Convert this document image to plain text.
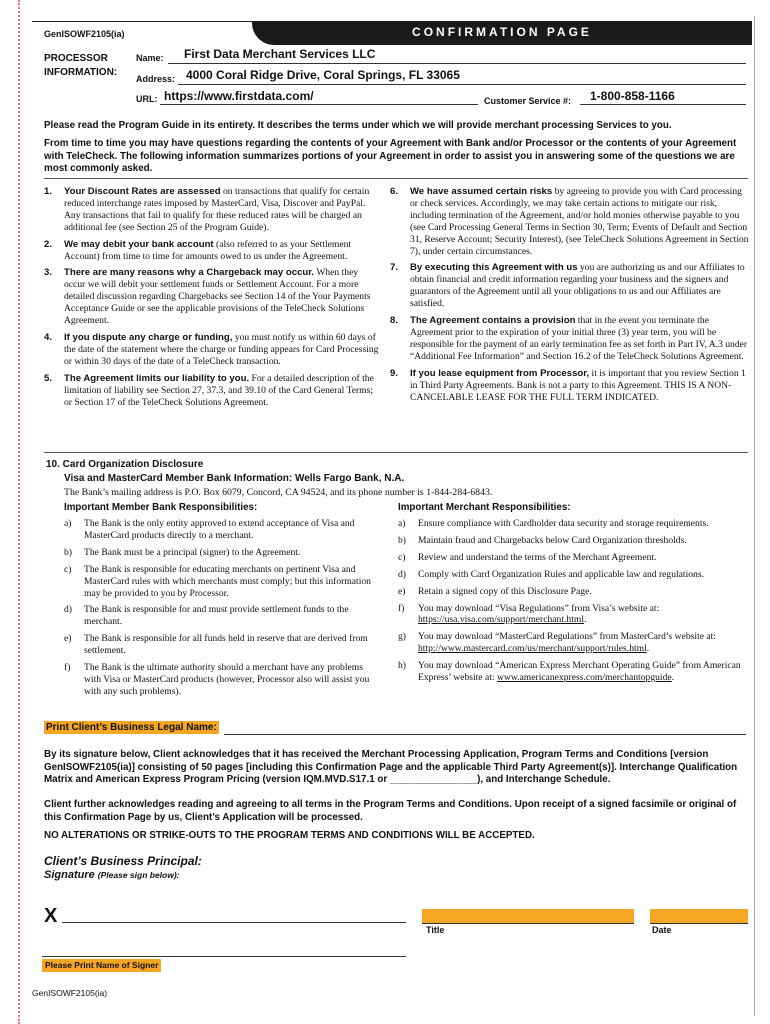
GenISOWF2105(ia)	CONFIRMATION PAGE
PROCESSOR
INFORMATION:
Name: First Data Merchant Services LLC
Address: 4000 Coral Ridge Drive, Coral Springs, FL 33065
URL: https://www.firstdata.com/	Customer Service #: 1-800-858-1166
Please read the Program Guide in its entirety. It describes the terms under which we will provide merchant processing Services to you.
From time to time you may have questions regarding the contents of your Agreement with Bank and/or Processor or the contents of your Agreement with TeleCheck. The following information summarizes portions of your Agreement in order to assist you in answering some of the questions we are most commonly asked.
1. Your Discount Rates are assessed on transactions that qualify for certain reduced interchange rates imposed by MasterCard, Visa, Discover and PayPal. Any transactions that fail to qualify for these reduced rates will be charged an additional fee (see Section 25 of the Program Guide).
2. We may debit your bank account (also referred to as your Settlement Account) from time to time for amounts owed to us under the Agreement.
3. There are many reasons why a Chargeback may occur. When they occur we will debit your settlement funds or Settlement Account. For a more detailed discussion regarding Chargebacks see Section 14 of the Your Payments Acceptance Guide or see the applicable provisions of the TeleCheck Solutions Agreement.
4. If you dispute any charge or funding, you must notify us within 60 days of the date of the statement where the charge or funding appears for Card Processing or within 30 days of the date of a TeleCheck transaction.
5. The Agreement limits our liability to you. For a detailed description of the limitation of liability see Section 27, 37.3, and 39.10 of the Card General Terms; or Section 17 of the TeleCheck Solutions Agreement.
6. We have assumed certain risks by agreeing to provide you with Card processing or check services. Accordingly, we may take certain actions to mitigate our risk, including termination of the Agreement, and/or hold monies otherwise payable to you (see Card Processing General Terms in Section 30, Term; Events of Default and Section 31, Reserve Account; Security Interest), (see TeleCheck Solutions Agreement in Section 7), under certain circumstances.
7. By executing this Agreement with us you are authorizing us and our Affiliates to obtain financial and credit information regarding your business and the signers and guarantors of the Agreement until all your obligations to us and our Affiliates are satisfied.
8. The Agreement contains a provision that in the event you terminate the Agreement prior to the expiration of your initial three (3) year term, you will be responsible for the payment of an early termination fee as set forth in Part IV, A.3 under “Additional Fee Information” and Section 16.2 of the TeleCheck Solutions Agreement.
9. If you lease equipment from Processor, it is important that you review Section 1 in Third Party Agreements. Bank is not a party to this Agreement. THIS IS A NON-CANCELABLE LEASE FOR THE FULL TERM INDICATED.
10. Card Organization Disclosure
Visa and MasterCard Member Bank Information: Wells Fargo Bank, N.A.
The Bank’s mailing address is P.O. Box 6079, Concord, CA 94524, and its phone number is 1-844-284-6843.
Important Member Bank Responsibilities:	Important Merchant Responsibilities:
a) The Bank is the only entity approved to extend acceptance of Visa and MasterCard products directly to a merchant.
b) The Bank must be a principal (signer) to the Agreement.
c) The Bank is responsible for educating merchants on pertinent Visa and MasterCard rules with which merchants must comply; but this information may be provided to you by Processor.
d) The Bank is responsible for and must provide settlement funds to the merchant.
e) The Bank is responsible for all funds held in reserve that are derived from settlement.
f) The Bank is the ultimate authority should a merchant have any problems with Visa or MasterCard products (however, Processor also will assist you with any such problems).
a) Ensure compliance with Cardholder data security and storage requirements.
b) Maintain fraud and Chargebacks below Card Organization thresholds.
c) Review and understand the terms of the Merchant Agreement.
d) Comply with Card Organization Rules and applicable law and regulations.
e) Retain a signed copy of this Disclosure Page.
f) You may download “Visa Regulations” from Visa’s website at: https://usa.visa.com/support/merchant.html.
g) You may download “MasterCard Regulations” from MasterCard’s website at: http://www.mastercard.com/us/merchant/support/rules.html.
h) You may download “American Express Merchant Operating Guide” from American Express’ website at: www.americanexpress.com/merchantopguide.
Print Client’s Business Legal Name:
By its signature below, Client acknowledges that it has received the Merchant Processing Application, Program Terms and Conditions [version GenISOWF2105(ia)] consisting of 50 pages [including this Confirmation Page and the applicable Third Party Agreement(s)]. Interchange Qualification Matrix and American Express Program Pricing (version IQM.MVD.S17.1 or ________________), and Interchange Schedule.
Client further acknowledges reading and agreeing to all terms in the Program Terms and Conditions. Upon receipt of a signed facsimile or original of this Confirmation Page by us, Client’s Application will be processed.
NO ALTERATIONS OR STRIKE-OUTS TO THE PROGRAM TERMS AND CONDITIONS WILL BE ACCEPTED.
Client’s Business Principal:
Signature (Please sign below):
X
Title	Date
Please Print Name of Signer
GenISOWF2105(ia)
